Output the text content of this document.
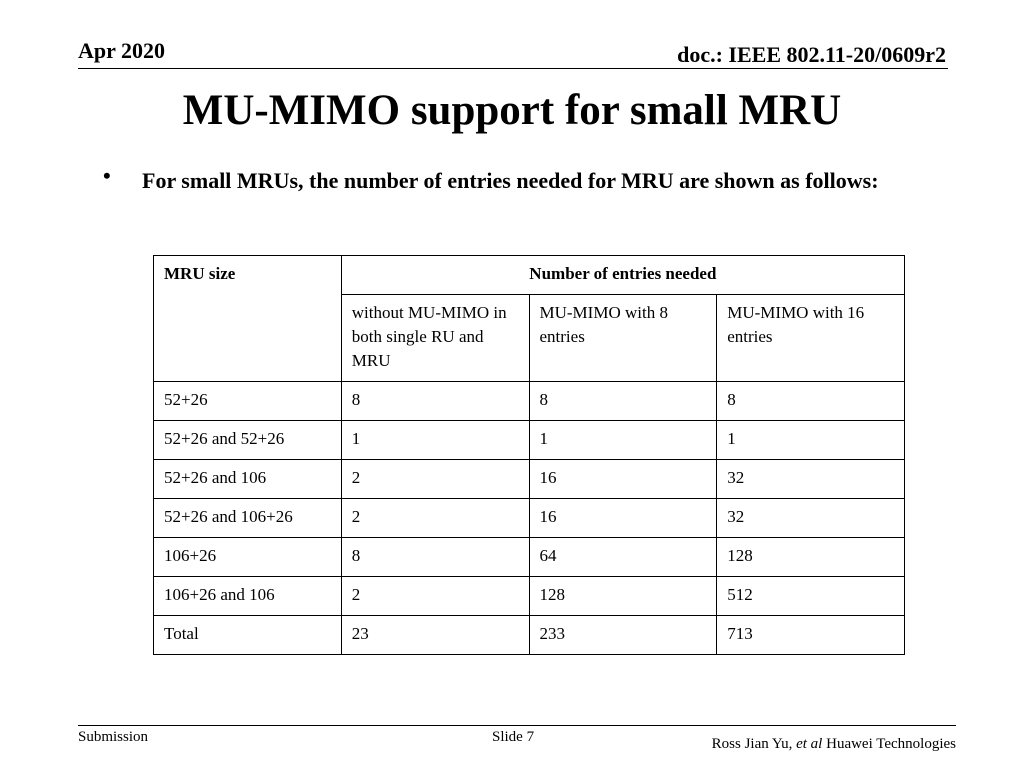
Apr 2020	doc.: IEEE 802.11-20/0609r2
MU-MIMO support for small MRU
• For small MRUs, the number of entries needed for MRU are shown as follows:
MRU size	Number of entries needed		
	without MU-MIMO in both single RU and MRU	MU-MIMO with 8 entries	MU-MIMO with 16 entries
52+26	8	8	8
52+26 and 52+26	1	1	1
52+26 and 106	2	16	32
52+26 and 106+26	2	16	32
106+26	8	64	128
106+26 and 106	2	128	512
Total	23	233	713
Submission	Slide 7	Ross Jian Yu, et al Huawei Technologies
